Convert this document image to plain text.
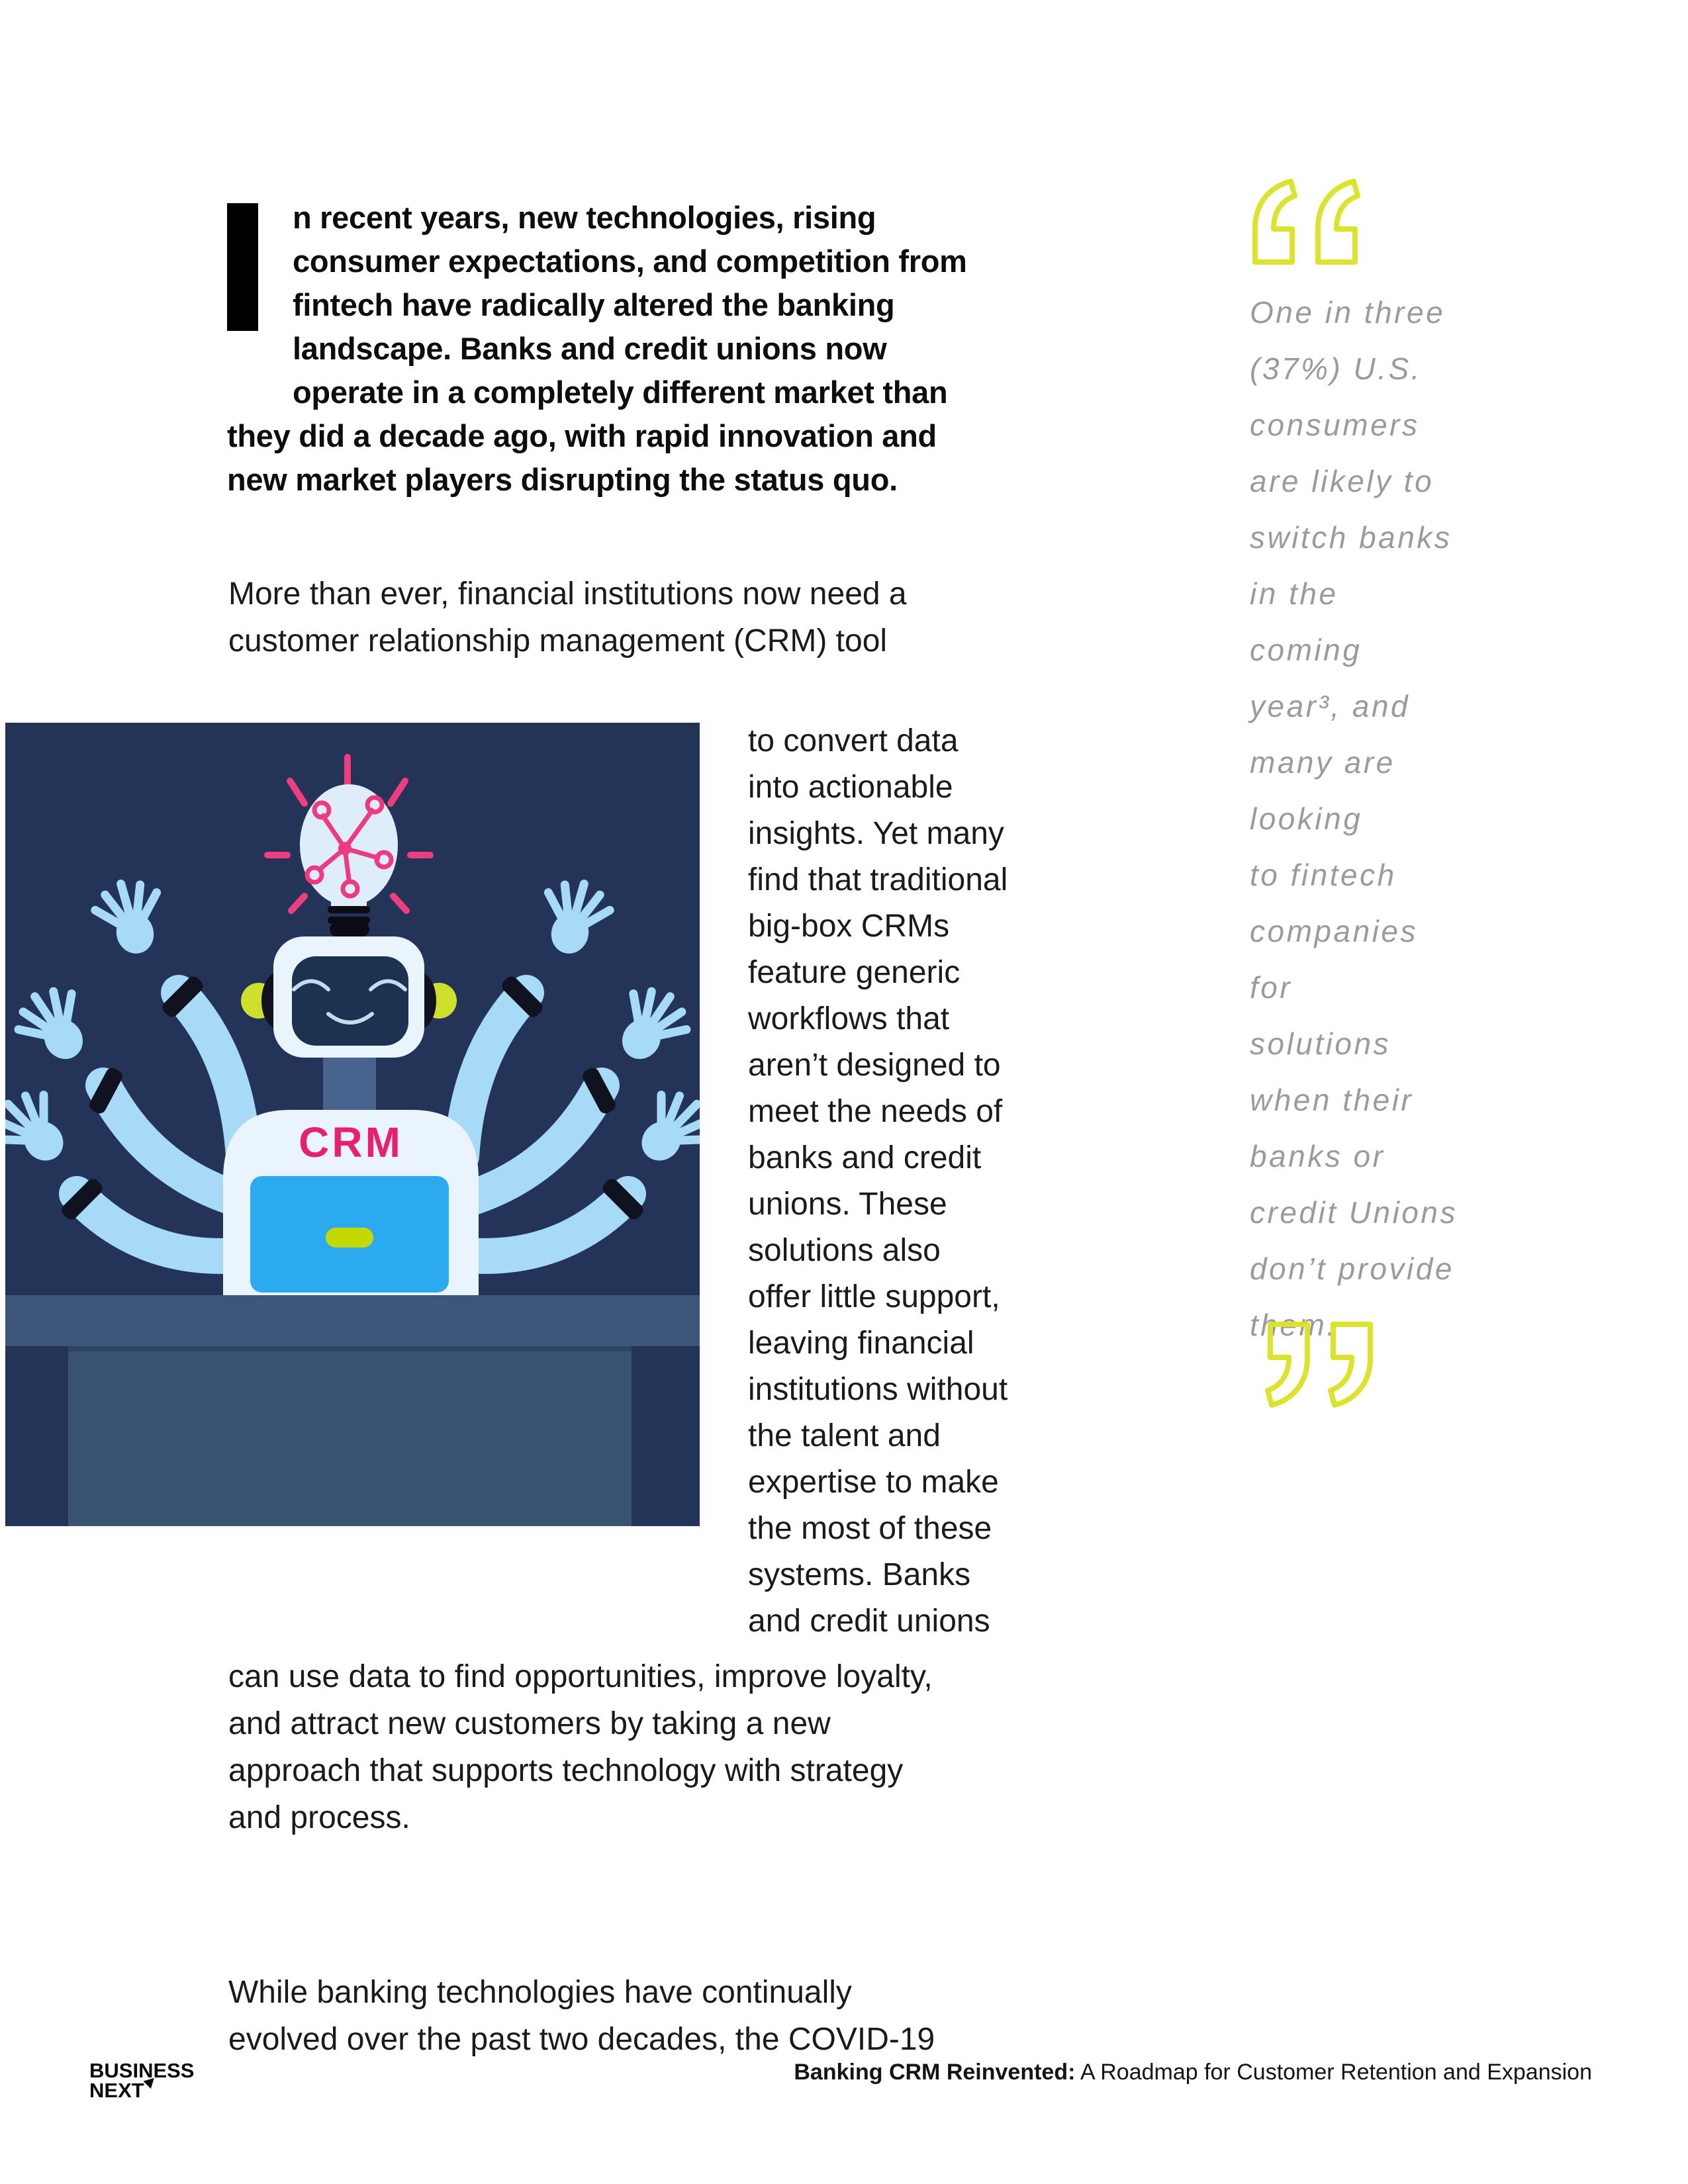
n recent years, new technologies, rising
consumer expectations, and competition from
fintech have radically altered the banking
landscape. Banks and credit unions now
operate in a completely different market than
they did a decade ago, with rapid innovation and
new market players disrupting the status quo.
More than ever, financial institutions now need a
customer relationship management (CRM) tool
CRM
to convert data
into actionable
insights. Yet many
find that traditional
big-box CRMs
feature generic
workflows that
aren’t designed to
meet the needs of
banks and credit
unions. These
solutions also
offer little support,
leaving financial
institutions without
the talent and
expertise to make
the most of these
systems. Banks
and credit unions
can use data to find opportunities, improve loyalty,
and attract new customers by taking a new
approach that supports technology with strategy
and process.
While banking technologies have continually
evolved over the past two decades, the COVID-19
One in three
(37%) U.S.
consumers
are likely to
switch banks
in the
coming
year³, and
many are
looking
to fintech
companies
for
solutions
when their
banks or
credit Unions
don’t provide
them.
BUSINESS
NEXT
Banking CRM Reinvented: A Roadmap for Customer Retention and Expansion
